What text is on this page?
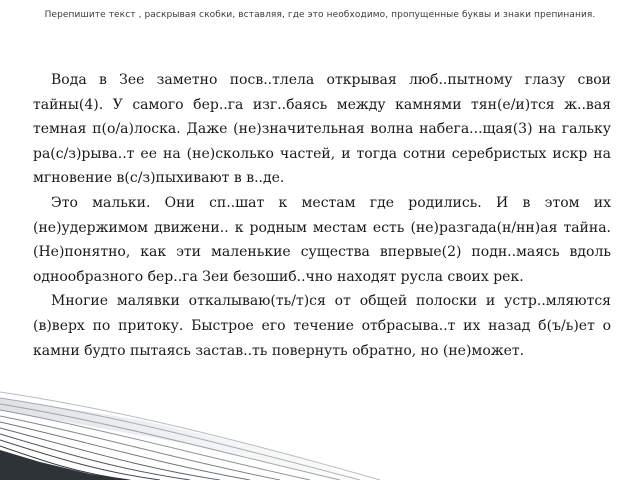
Перепишите текст , раскрывая скобки, вставляя, где это необходимо, пропущенные буквы и знаки препинания.

Вода в Зее заметно посв..тлела открывая люб..пытному глазу свои тайны(4). У самого бер..га изг..баясь между камнями тян(е/и)тся ж..вая темная п(о/а)лоска. Даже (не)значительная волна набега...щая(3) на гальку ра(с/з)рыва..т ее на (не)сколько частей, и тогда сотни серебристых искр на мгновение в(с/з)пыхивают в в..де.

Это мальки. Они сп..шат к местам где родились. И в этом их (не)удержимом движени.. к родным местам есть (не)разгада(н/нн)ая тайна. (Не)понятно, как эти маленькие существа впервые(2) подн..маясь вдоль однообразного бер..га Зеи безошиб..чно находят русла своих рек.

Многие малявки откалываю(ть/т)ся от общей полоски и устр..мляются (в)верх по притоку. Быстрое его течение отбрасыва..т их назад б(ъ/ь)ет о камни будто пытаясь застав..ть повернуть обратно, но (не)может.
